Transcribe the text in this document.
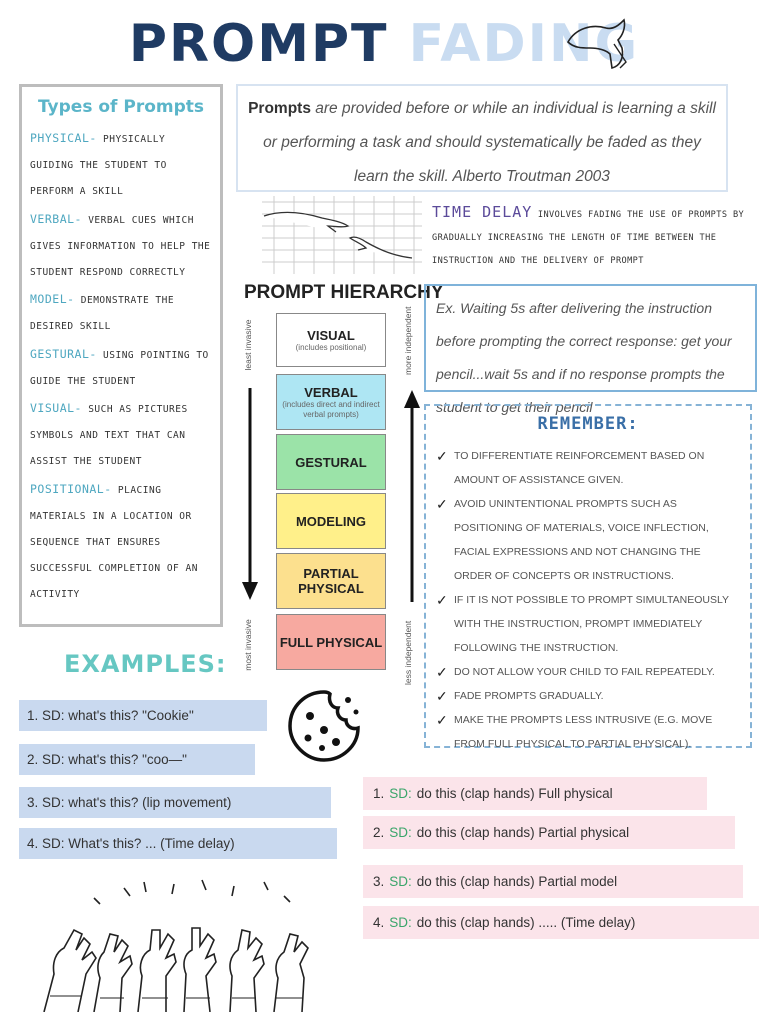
PROMPT FADING
Types of Prompts
PHYSICAL- PHYSICALLY GUIDING THE STUDENT TO PERFORM A SKILL
VERBAL- VERBAL CUES WHICH GIVES INFORMATION TO HELP THE STUDENT RESPOND CORRECTLY
MODEL- DEMONSTRATE THE DESIRED SKILL
GESTURAL- USING POINTING TO GUIDE THE STUDENT
VISUAL- SUCH AS PICTURES SYMBOLS AND TEXT THAT CAN ASSIST THE STUDENT
POSITIONAL- PLACING MATERIALS IN A LOCATION OR SEQUENCE THAT ENSURES SUCCESSFUL COMPLETION OF AN ACTIVITY
Prompts are provided before or while an individual is learning a skill or performing a task and should systematically be faded as they learn the skill. Alberto Troutman 2003
TIME DELAY INVOLVES FADING THE USE OF PROMPTS BY GRADUALLY INCREASING THE LENGTH OF TIME BETWEEN THE INSTRUCTION AND THE DELIVERY OF PROMPT
PROMPT HIERARCHY
VISUAL
(includes positional)
VERBAL
(includes direct and indirect verbal prompts)
GESTURAL
MODELING
PARTIAL PHYSICAL
FULL PHYSICAL
least invasive
most invasive
more independent
less independent
Ex. Waiting 5s after delivering the instruction before prompting the correct response: get your pencil...wait 5s and if no response prompts the student to get their pencil
REMEMBER:
✓ TO DIFFERENTIATE REINFORCEMENT BASED ON AMOUNT OF ASSISTANCE GIVEN.
✓ AVOID UNINTENTIONAL PROMPTS SUCH AS POSITIONING OF MATERIALS, VOICE INFLECTION, FACIAL EXPRESSIONS AND NOT CHANGING THE ORDER OF CONCEPTS OR INSTRUCTIONS.
✓ IF IT IS NOT POSSIBLE TO PROMPT SIMULTANEOUSLY WITH THE INSTRUCTION, PROMPT IMMEDIATELY FOLLOWING THE INSTRUCTION.
✓ DO NOT ALLOW YOUR CHILD TO FAIL REPEATEDLY.
✓ FADE PROMPTS GRADUALLY.
✓ MAKE THE PROMPTS LESS INTRUSIVE (E.G. MOVE FROM FULL PHYSICAL TO PARTIAL PHYSICAL).
EXAMPLES:
1. SD: what's this? "Cookie"
2. SD: what's this? "coo—"
3. SD: what's this? (lip movement)
4. SD: What's this? ... (Time delay)
1. SD: do this (clap hands) Full physical
2. SD: do this (clap hands) Partial physical
3. SD: do this (clap hands) Partial model
4. SD: do this (clap hands) ..... (Time delay)
